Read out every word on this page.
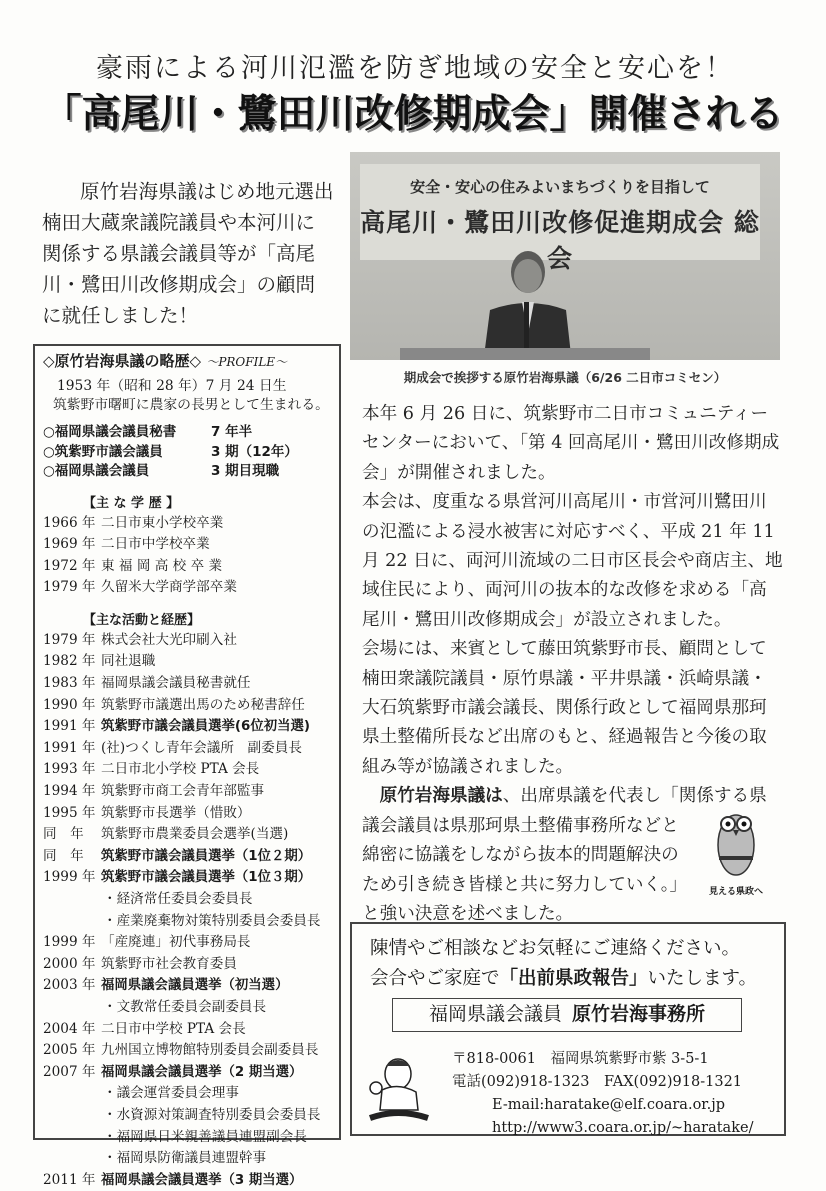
豪雨による河川氾濫を防ぎ地域の安全と安心を！
「高尾川・鷺田川改修期成会」開催される
原竹岩海県議はじめ地元選出
楠田大蔵衆議院議員や本河川に
関係する県議会議員等が「高尾
川・鷺田川改修期成会」の顧問
に就任しました！
◇原竹岩海県議の略歴◇ ～PROFILE～
1953 年（昭和 28 年）7 月 24 日生
筑紫野市曙町に農家の長男として生まれる。
○福岡県議会議員秘書	7 年半
○筑紫野市議会議員	3 期（12年）
○福岡県議会議員	3 期目現職
【主 な 学 歴 】
1966 年 二日市東小学校卒業
1969 年 二日市中学校卒業
1972 年 東 福 岡 高 校 卒 業
1979 年 久留米大学商学部卒業
【主な活動と経歴】
1979 年 株式会社大光印刷入社
1982 年 同社退職
1983 年 福岡県議会議員秘書就任
1990 年 筑紫野市議選出馬のため秘書辞任
1991 年 筑紫野市議会議員選挙(6位初当選)
1991 年 (社)つくし青年会議所　副委員長
1993 年 二日市北小学校 PTA 会長
1994 年 筑紫野市商工会青年部監事
1995 年 筑紫野市長選挙（惜敗）
同　年 筑紫野市農業委員会選挙(当選)
同　年 筑紫野市議会議員選挙（1位２期）
1999 年 筑紫野市議会議員選挙（1位３期）
・経済常任委員会委員長
・産業廃棄物対策特別委員会委員長
1999 年 「産廃連」初代事務局長
2000 年 筑紫野市社会教育委員
2003 年 福岡県議会議員選挙（初当選）
・文教常任委員会副委員長
2004 年 二日市中学校 PTA 会長
2005 年 九州国立博物館特別委員会副委員長
2007 年 福岡県議会議員選挙（2 期当選）
・議会運営委員会理事
・水資源対策調査特別委員会委員長
・福岡県日米親善議員連盟副会長
・福岡県防衛議員連盟幹事
2011 年 福岡県議会議員選挙（3 期当選）
安全・安心の住みよいまちづくりを目指して
高尾川・鷺田川改修促進期成会 総会
期成会で挨拶する原竹岩海県議（6/26 二日市コミセン）
本年 6 月 26 日に、筑紫野市二日市コミュニティー
センターにおいて、「第 4 回高尾川・鷺田川改修期成
会」が開催されました。
本会は、度重なる県営河川高尾川・市営河川鷺田川
の氾濫による浸水被害に対応すべく、平成 21 年 11
月 22 日に、両河川流域の二日市区長会や商店主、地
域住民により、両河川の抜本的な改修を求める「高
尾川・鷺田川改修期成会」が設立されました。
会場には、来賓として藤田筑紫野市長、顧問として
楠田衆議院議員・原竹県議・平井県議・浜崎県議・
大石筑紫野市議会議長、関係行政として福岡県那珂
県土整備所長など出席のもと、経過報告と今後の取
組み等が協議されました。
　原竹岩海県議は、出席県議を代表し「関係する県
議会議員は県那珂県土整備事務所などと
綿密に協議をしながら抜本的問題解決の
ため引き続き皆様と共に努力していく。」
と強い決意を述べました。
見える県政へ
陳情やご相談などお気軽にご連絡ください。
会合やご家庭で「出前県政報告」いたします。
福岡県議会議員 原竹岩海事務所
〒818-0061　福岡県筑紫野市紫 3‐5‐1
電話(092)918-1323　FAX(092)918-1321
E-mail:haratake@elf.coara.or.jp
http://www3.coara.or.jp/~haratake/
